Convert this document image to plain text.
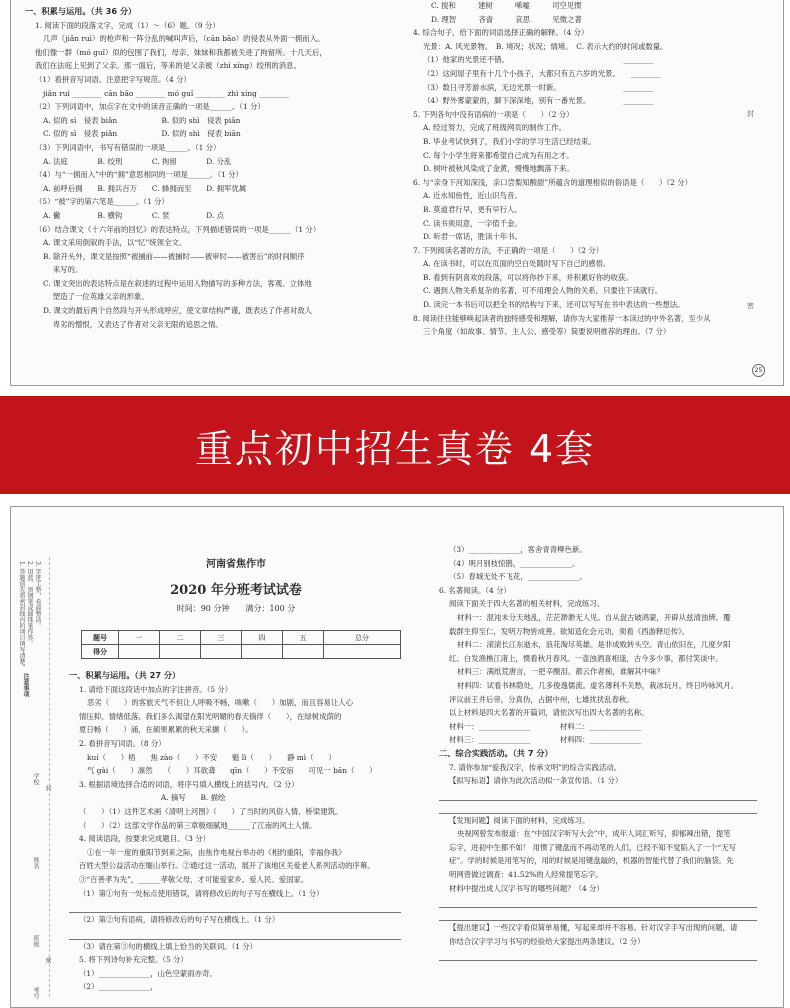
一、积累与运用。（共 36 分）
1. 阅读下面的段落文字，完成（1）～（6）题。（9 分）
几声（jiǎn ruì）的枪声和一阵分乱的喊叫声后，（cān bāo）的侵表从外面一拥而入。
他们像一群（mó guǐ）似的包围了我们，母亲、妹妹和我都被关进了拘留所。十几天后，
我们在法庭上见到了父亲。那一面后，等来的是父亲被（zhì xíng）绞刑的消息。
（1）看拼音写词语。注意把字写规范。（4 分）
jiǎn ruì ________ cān bāo ________ mó guǐ ________ zhì xíng ________
（2）下列词语中，加点字在文中的读音正确的一项是______。（1 分）
A. 似的 sì　侵表 biǎn　　　　　　B. 似的 shì　侵表 piǎn
C. 似的 sì　侵表 piǎn　　　　　　D. 似的 shì　侵表 biān
（3）下列词语中，书写有错误的一项是______。（1 分）
A. 法庭　　　　B. 绞刑　　　　C. 拘留　　　　D. 分乱
（4）与“一拥而入”中的“拥”意思相同的一项是______。（1 分）
A. 前呼后拥　　B. 拥兵百万　　C. 蜂拥而至　　D. 拥军优属
（5）“被”字的第六笔是______。（1 分）
A. 撇　　　　　B. 横钩　　　　C. 竖　　　　　D. 点
（6）结合课文《十六年前的回忆》的表达特点，下列描述错误的一项是______（1 分）
A. 课文采用倒叙的手法，以“忆”统领全文。
B. 除开头外，课文是按照“被捕前——被捕时——被审时——被害后”的时间顺序
　 来写的。
C. 课文突出的表达特点是在叙述的过程中运用人物描写的多种方法，客观、立体地
　 塑造了一位英雄父亲的形象。
D. 课文的最后两个自然段与开头形成呼应，使文章结构严谨，既表达了作者对敌人
　 卑劣的憎恨，又表达了作者对父亲无限的追思之情。
C. 搅和　　　建树　　　唏嘘　　　司空见惯
D. 理智　　　吝啬　　　哀思　　　见微之著
4. 综合句子，给下面的词语选择正确的解释。（4 分）
光景：A. 风光景物。　B. 境况；状况；情境。　C. 表示大约的时间或数量。
（1）他家的光景还不错。　　　　　　　　　　　　　　　　________
（2）这间屋子里有十几个小孩子，大都只有五六岁的光景。　　________
（3）数日寻芳游水滨，无边光景一时新。　　　　　　　　　________
（4）野外雾蒙蒙的，脚下深深地，别有一番光景。　　　　　________
5. 下列各句中没有语病的一项是（　　）（2 分）
A. 经过努力，完成了班级网页的制作工作。
B. 毕业考试快到了，我们小学的学习生活已经结束。
C. 每个小学生将来都希望自己成为有用之才。
D. 树叶被秋风染成了金黄，慢慢地飘落下来。
6. 与“亲身下河知深浅，亲口尝梨知酸甜”所蕴含的道理相似的俗语是（　　）（2 分）
A. 近水知鱼性，近山识鸟音。
B. 莫道君行早，更有早行人。
C. 读书须用意，一字值千金。
D. 听君一席话，胜读十年书。
7. 下列阅读名著的方法，不正确的一项是（　　）（2 分）
A. 在读书时，可以在页面的空白处随时写下自己的感悟。
B. 看到有阴喜欢的段落，可以将你抄下来，并积累好你的收获。
C. 遇到人物关系复杂的名著，可不用理会人物的关系，只要往下读就行。
D. 读完一本书后可以把全书的结构与下来，还可以写写在书中表达的一些想法。
8. 阅读往往能够唤起读者的独特感受和理解，请你为大家推荐一本读过的中外名著，至少从
三个角度（如故事、情节、主人公、感受等）简要说明推荐的理由。（7 分）
封
密
25
重点初中招生真卷 4套
1. 答题前先将密封线内的项目填写清楚。 2. 用蓝、黑钢笔或圆珠笔作答。 3. 字迹工整，卷面整洁。
注意事项
学校
封
姓名
班级
密
考号
河南省焦作市
2020 年分班考试试卷
时间：90 分钟　　满分：100 分
题号	一	二	三	四	五	总分
得分						
一、积累与运用。（共 27 分）
1. 请给下面这段话中加点的字注拼音。（5 分）
恶劣（　　）的客旅天气不但让人呼吸不畅，咳嗽（　　）加剧，而且容易让人心
情压抑、情绪低落。我们多么渴望在阳光明媚的春天徜徉（　　），在绿树成荫的
夏日畅（　　）涌，在硕果累累的秋天采撷（　　）。
2. 看拼音写词语。（8 分）
kuí（　　）梧　　焦 zào（　　）不安　　魁 lì（　　）　　静 mì（　　）
气 gài（　　）凛然　　（　　）耳欲聋　　qīn（　　）不安宿　　可见一 bān（　　）
3. 根据语境选择合适的词语，将序号填入横线上的括号内。（2 分）
　　　　　　　　　　A. 摘写　　B. 描绘
（　　）（1）这件艺术画《清明上河图》（　　）了当时的风俗人情、桥梁建筑。
（　　）（2）这部文学作品的第三章极细腻地______了江南的风土人情。
4. 阅读语段，按要求完成题目。（3 分）
①在一年一度的重阳节到来之际，由焦作电视台举办的《相约重阳，幸福你我》
百姓大型公益活动在缅山举行。②通过这一活动，展开了该地区关爱老人系列活动的序幕。
③“百善孝为先”，______孝敬父母，才可能爱家乡、爱人民、爱国家。
（1）第①句有一处标点使用错误，请将修改后的句子写在横线上。（1 分）
（2）第②句有语病，请将修改后的句子写在横线上。（1 分）
（3）请在第③句的横线上填上恰当的关联词。（1 分）
5. 将下列诗句补充完整。（5 分）
（1）______________，山色空蒙雨亦奇。
（2）______________，
（3）______________，客舍青青柳色新。
（4）明月别枝惊鹊，______________。
（5）春城无处不飞花，______________。
6. 名著阅读。（4 分）
阅读下面关于四大名著的相关材料，完成练习。
材料一：混沌未分天地乱，茫茫渺渺无人见。自从盘古破鸿蒙，开辟从兹清浊辨。覆
载群生仰至仁，发明万物皆成善。欲知造化会元功，须看《西游释厄传》。
材料二：滚滚长江东逝水，浪花淘尽英雄。是非成败转头空。青山依旧在，几度夕阳
红。白发渔樵江渚上，惯看秋月春风。一壶浊酒喜相逢，古今多少事，都付笑谈中。
材料三：满纸荒唐言，一把辛酸泪。都云作者痴，谁解其中味？
材料四：试看书林隐处，几多俊逸儒流。虚名薄利不关愁，栽冰玩月，终日吟咏风月。
评议前王并后帝，分真伪，占据中州，七雄扰扰乱春秋。
以上材料是四大名著的开篇词，请依次写出四大名著的名称。
材料一：______________　　　　材料二：______________
材料三：______________　　　　材料四：______________
二、综合实践活动。（共 7 分）
7. 请你参加“爱我汉字，传承文明”的综合实践活动。
【拟写标语】请你为此次活动拟一条宣传语。（1 分）
【发现问题】阅读下面的材料，完成练习。
央视网曾发布报道：在“中国汉字听写大会”中，成年人词汇听写，抑郁辣出错，提笔
忘字，进初中生都不如！ 用惯了键盘而不再动笔的人们，已经不知不觉陷入了一个“无写
症”。学的时候是用笔写的，用的时候是用键盘敲的，机器的智能代替了我们的脑袋。先
明网曾做过调查：41.52%的人经常提笔忘字。
材料中提出成人汉字书写的哪些问题？（4 分）
【提出建议】一些汉字看似简单易懂，写起来却并不容易。针对汉字手写出现的问题，请
你结合汉字学习与书写的经验给大家提出两条建议。（2 分）
